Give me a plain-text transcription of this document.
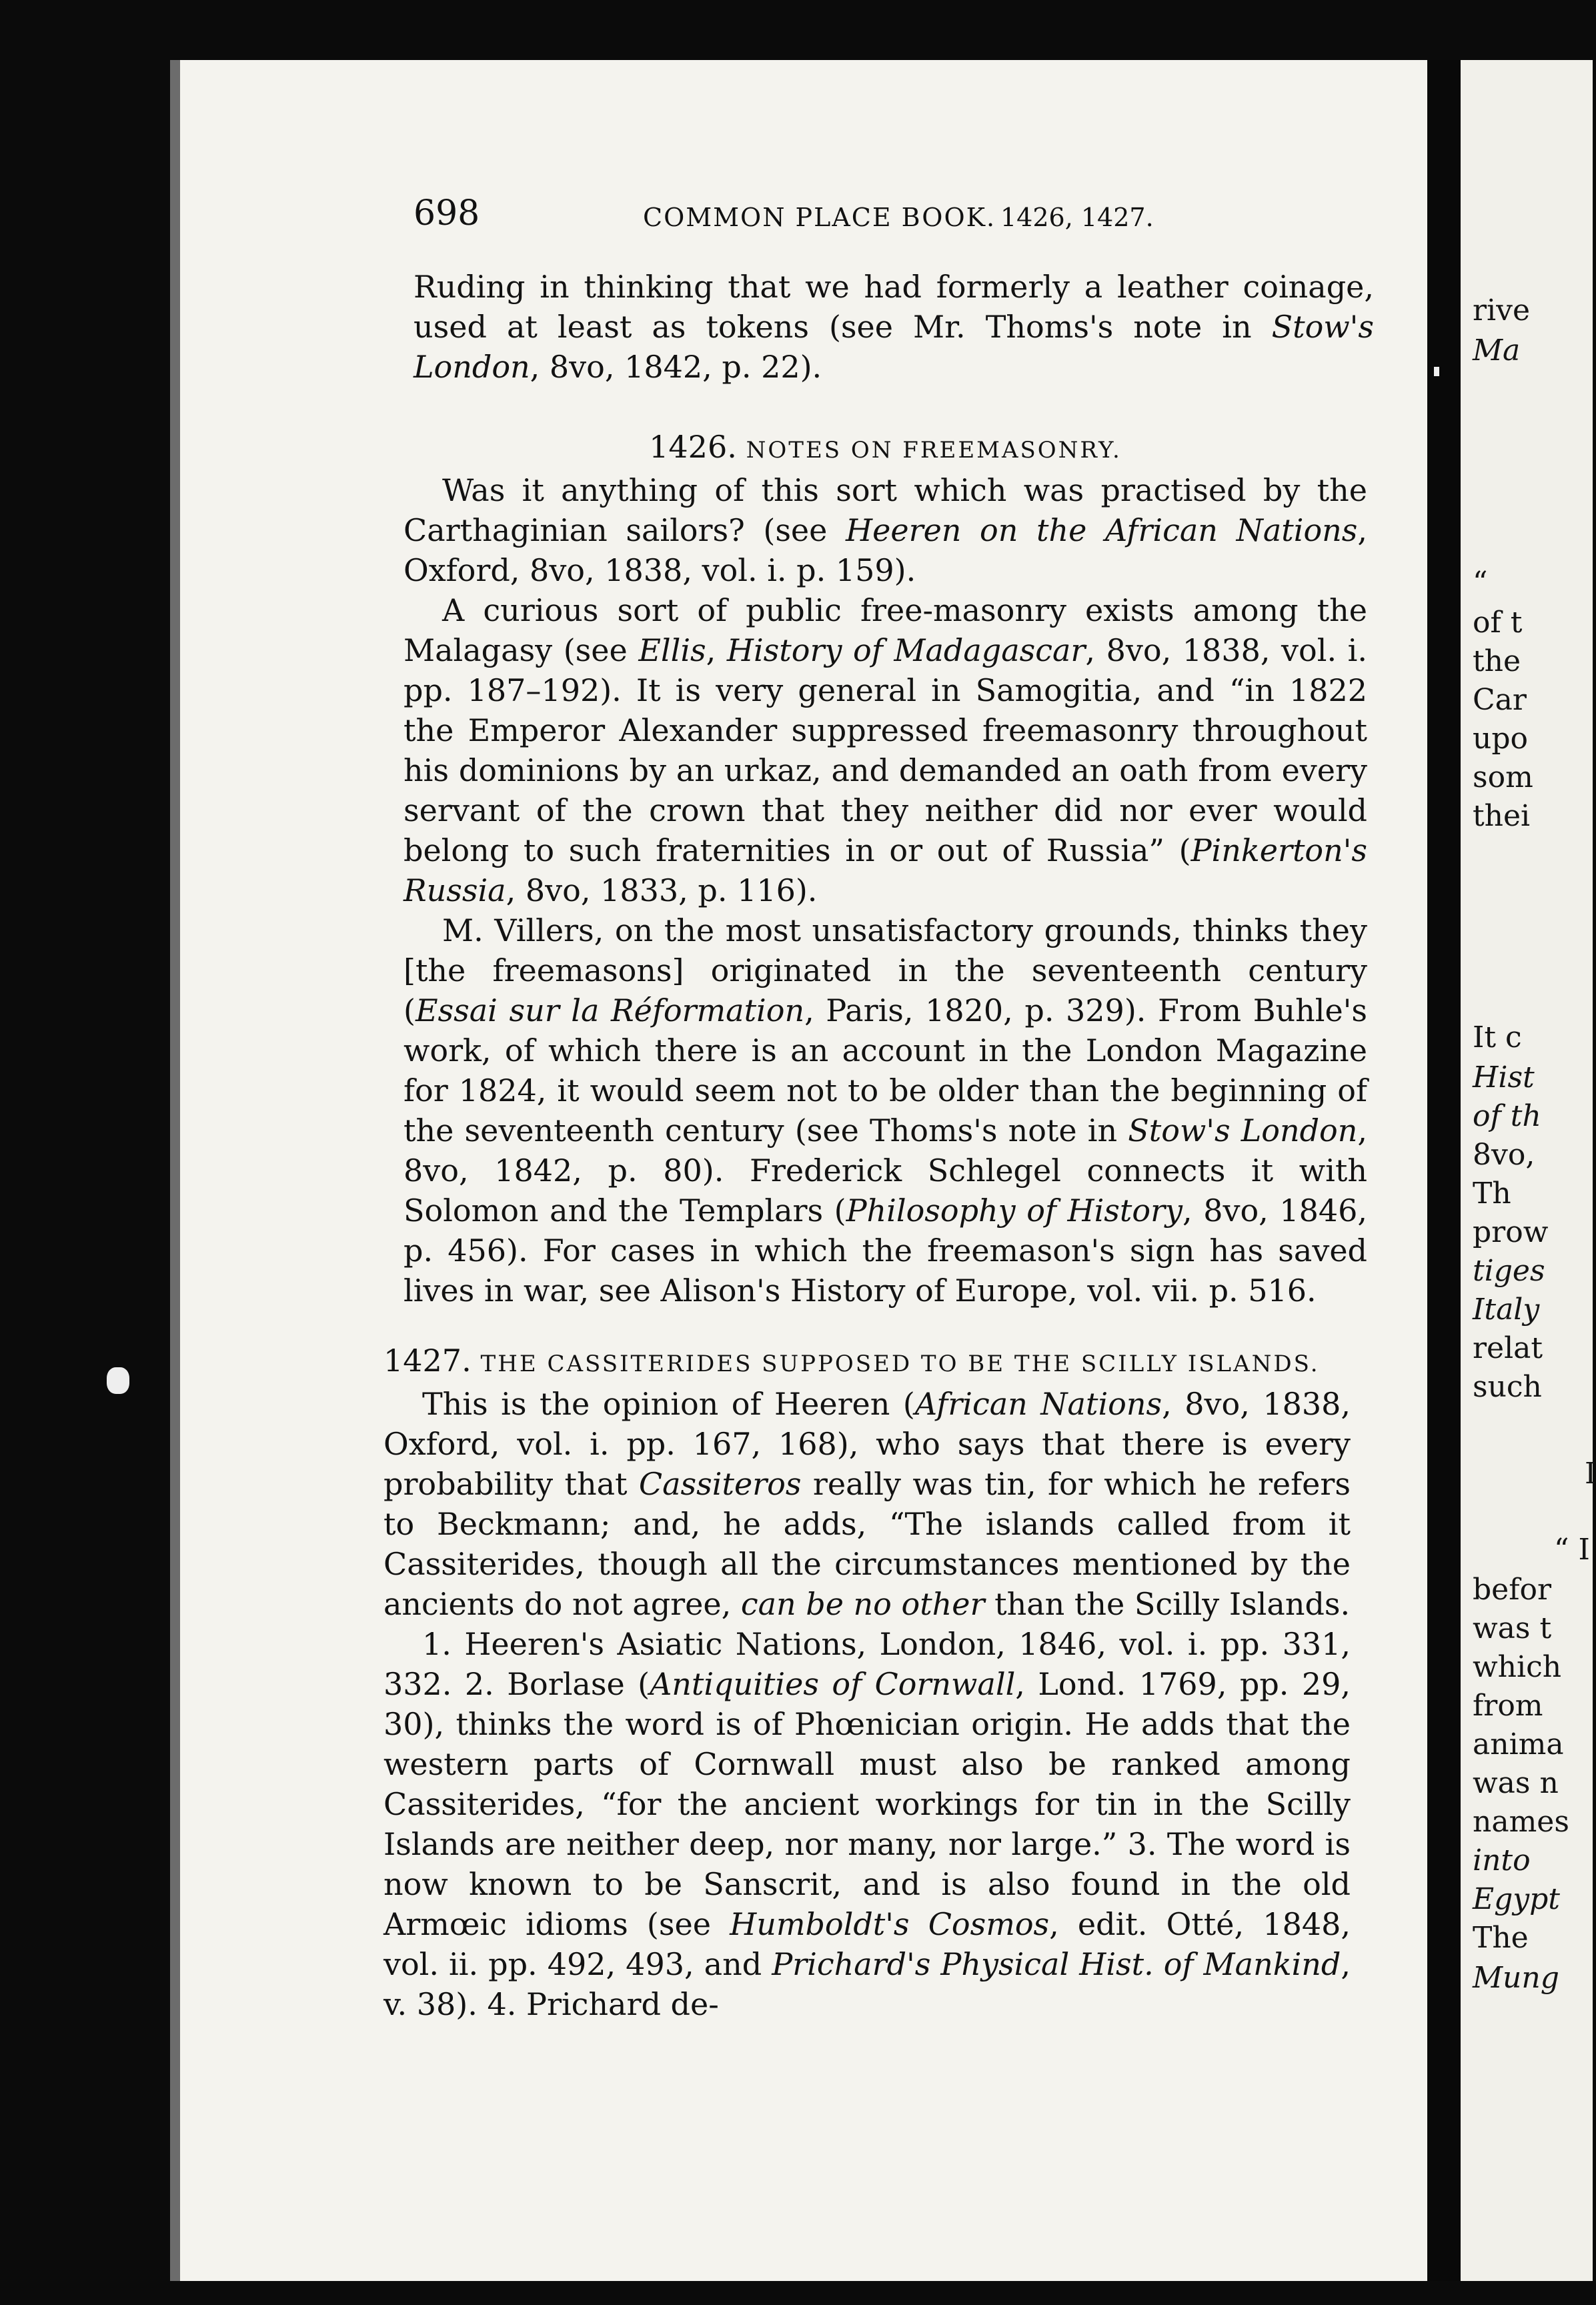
rive
Ma
“
of t
the
Car
upo
som
thei
It c
Hist
of th
8vo,
Th
prow
tiges
Italy
relat
such
I
“ I
befor
was t
which
from
anima
was n
names
into
Egypt
The
Mung
698	COMMON PLACE BOOK. 1426, 1427.

Ruding in thinking that we had formerly a leather coinage, used at least as tokens (see Mr. Thoms's note in Stow's London, 8vo, 1842, p. 22).

1426. NOTES ON FREEMASONRY.

Was it anything of this sort which was practised by the Carthaginian sailors? (see Heeren on the African Nations, Oxford, 8vo, 1838, vol. i. p. 159).

A curious sort of public free-masonry exists among the Malagasy (see Ellis, History of Madagascar, 8vo, 1838, vol. i. pp. 187–192). It is very general in Samogitia, and “in 1822 the Emperor Alexander suppressed freemasonry throughout his dominions by an urkaz, and demanded an oath from every servant of the crown that they neither did nor ever would belong to such fraternities in or out of Russia” (Pinkerton's Russia, 8vo, 1833, p. 116).

M. Villers, on the most unsatisfactory grounds, thinks they [the freemasons] originated in the seventeenth century (Essai sur la Réformation, Paris, 1820, p. 329). From Buhle's work, of which there is an account in the London Magazine for 1824, it would seem not to be older than the beginning of the seventeenth century (see Thoms's note in Stow's London, 8vo, 1842, p. 80). Frederick Schlegel connects it with Solomon and the Templars (Philosophy of History, 8vo, 1846, p. 456). For cases in which the freemason's sign has saved lives in war, see Alison's History of Europe, vol. vii. p. 516.

1427. THE CASSITERIDES SUPPOSED TO BE THE SCILLY ISLANDS.

This is the opinion of Heeren (African Nations, 8vo, 1838, Oxford, vol. i. pp. 167, 168), who says that there is every probability that Cassiteros really was tin, for which he refers to Beckmann; and, he adds, “The islands called from it Cassiterides, though all the circumstances mentioned by the ancients do not agree, can be no other than the Scilly Islands.

1. Heeren's Asiatic Nations, London, 1846, vol. i. pp. 331, 332. 2. Borlase (Antiquities of Cornwall, Lond. 1769, pp. 29, 30), thinks the word is of Phœnician origin. He adds that the western parts of Cornwall must also be ranked among Cassiterides, “for the ancient workings for tin in the Scilly Islands are neither deep, nor many, nor large.” 3. The word is now known to be Sanscrit, and is also found in the old Armœic idioms (see Humboldt's Cosmos, edit. Otté, 1848, vol. ii. pp. 492, 493, and Prichard's Physical Hist. of Mankind, v. 38). 4. Prichard de-
